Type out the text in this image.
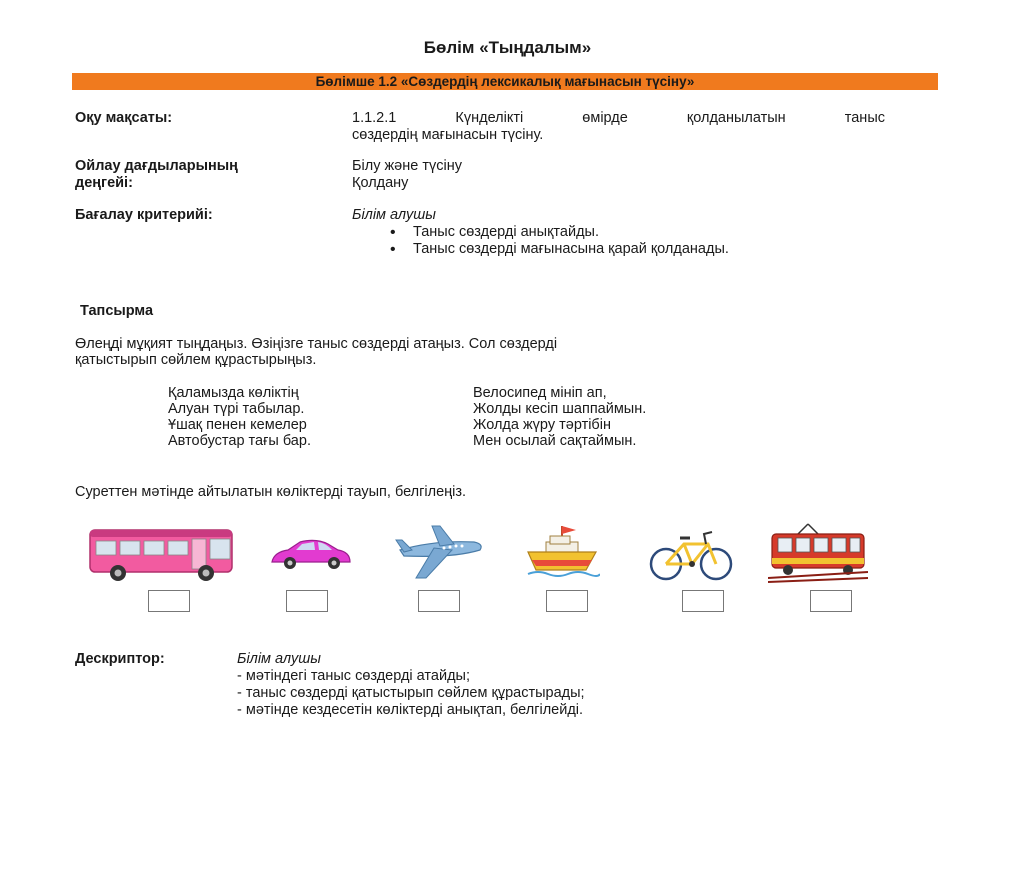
Бөлім «Тыңдалым»
Бөлімше 1.2 «Сөздердің лексикалық мағынасын түсіну»
Оқу мақсаты:	1.1.2.1 Күнделікті өмірде қолданылатын таныс
сөздердің мағынасын түсіну.
Ойлау дағдыларының
деңгейі:
Білу және түсіну
Қолдану
Бағалау критерийі:	Білім алушы
• Таныс сөздерді анықтайды.
• Таныс сөздерді мағынасына қарай қолданады.
Тапсырма
Өлеңді мұқият тыңдаңыз. Өзіңізге таныс сөздерді атаңыз. Сол сөздерді
қатыстырып сөйлем құрастырыңыз.
Қаламызда көліктің
Алуан түрі табылар.
Ұшақ пенен кемелер
Автобустар тағы бар.
Велосипед мініп ап,
Жолды кесіп шаппаймын.
Жолда жүру тәртібін
Мен осылай сақтаймын.
Суреттен мәтінде айтылатын көліктерді тауып, белгілеңіз.
Дескриптор:	Білім алушы
- мәтіндегі таныс сөздерді атайды;
- таныс сөздерді қатыстырып сөйлем құрастырады;
- мәтінде кездесетін көліктерді анықтап, белгілейді.
